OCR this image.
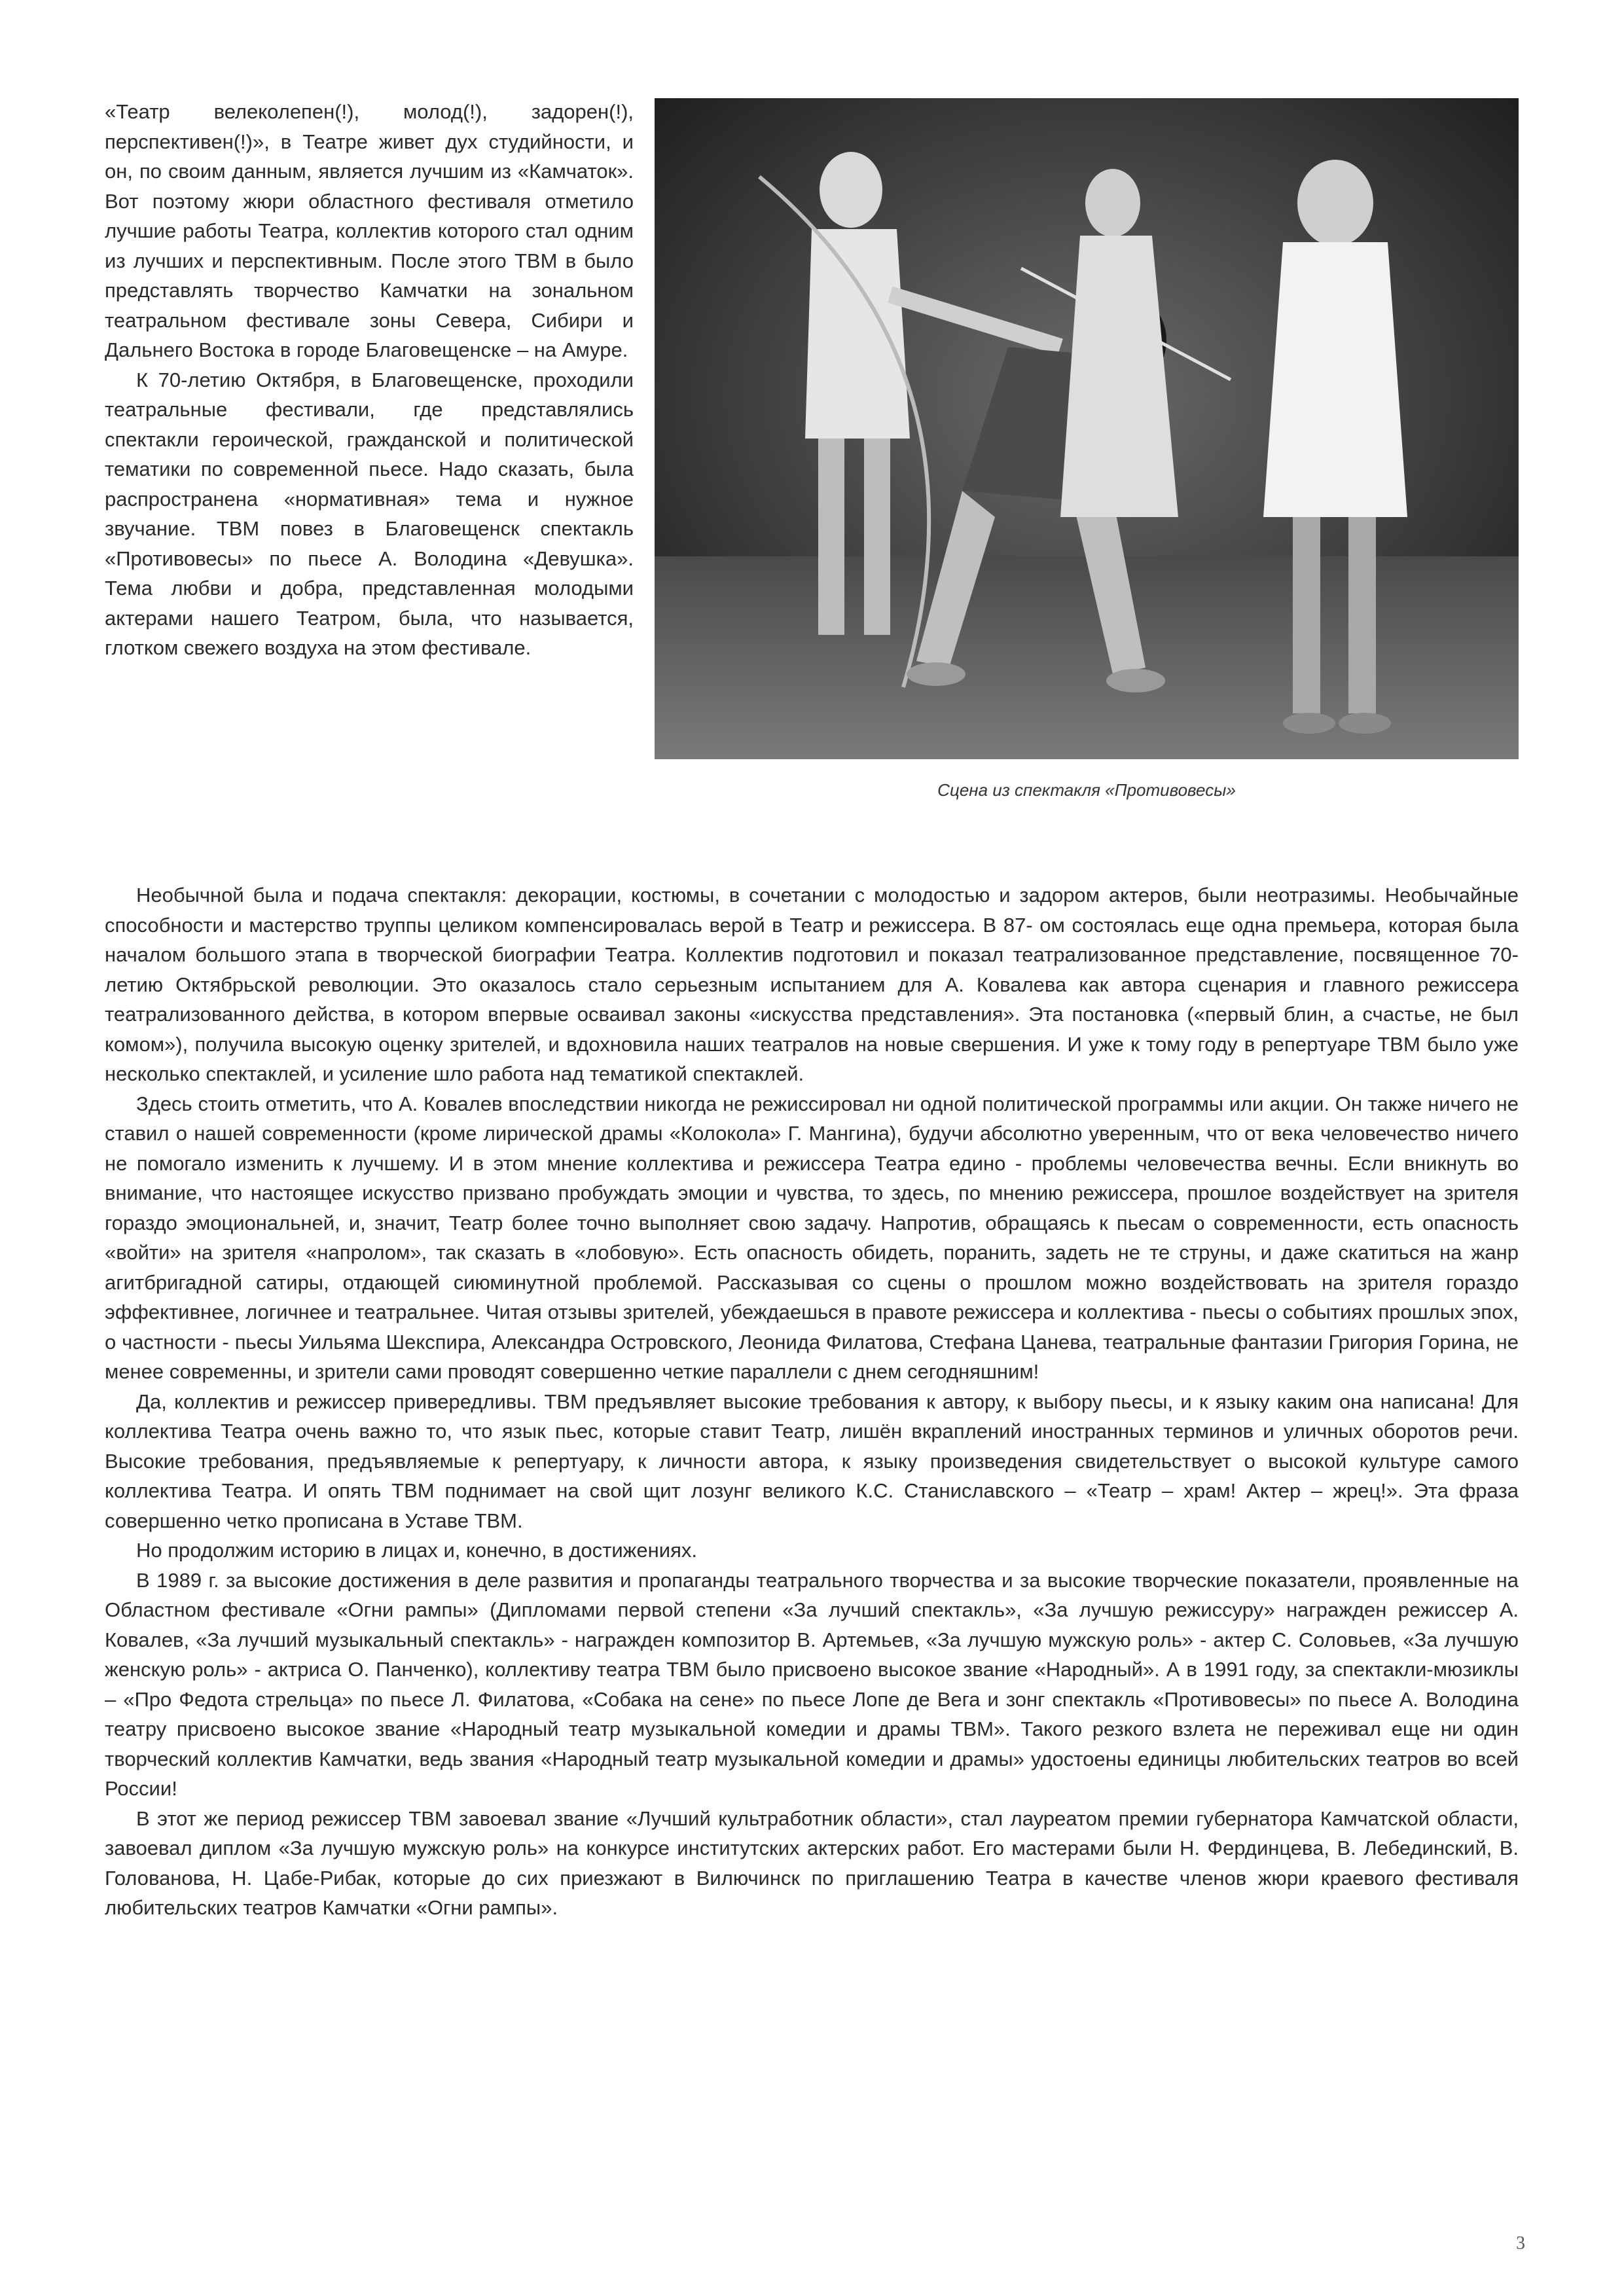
«Театр велеколепен(!), молод(!), задорен(!), перспективен(!)», в Театре живет дух студийности, и он, по своим данным, является лучшим из «Камчаток». Вот поэтому жюри областного фестиваля отметило лучшие работы Театра, коллектив которого стал одним из лучших и перспективным. После этого ТВМ в было представлять творчество Камчатки на зональном театральном фестивале зоны Севера, Сибири и Дальнего Востока в городе Благовещенске – на Амуре.

К 70-летию Октября, в Благовещенске, проходили театральные фестивали, где представлялись спектакли героической, гражданской и политической тематики по современной пьесе. Надо сказать, была распространена «нормативная» тема и нужное звучание. ТВМ повез в Благовещенск спектакль «Противовесы» по пьесе А. Володина «Девушка». Тема любви и добра, представленная молодыми актерами нашего Театром, была, что называется, глотком свежего воздуха на этом фестивале.

Сцена из спектакля «Противовесы»

Необычной была и подача спектакля: декорации, костюмы, в сочетании с молодостью и задором актеров, были неотразимы. Необычайные способности и мастерство труппы целиком компенсировалась верой в Театр и режиссера. В 87- ом состоялась еще одна премьера, которая была началом большого этапа в творческой биографии Театра. Коллектив подготовил и показал театрализованное представление, посвященное 70-летию Октябрьской революции. Это оказалось стало серьезным испытанием для А. Ковалева как автора сценария и главного режиссера театрализованного действа, в котором впервые осваивал законы «искусства представления». Эта постановка («первый блин, а счастье, не был комом»), получила высокую оценку зрителей, и вдохновила наших театралов на новые свершения. И уже к тому году в репертуаре ТВМ было уже несколько спектаклей, и усиление шло работа над тематикой спектаклей.

Здесь стоить отметить, что А. Ковалев впоследствии никогда не режиссировал ни одной политической программы или акции. Он также ничего не ставил о нашей современности (кроме лирической драмы «Колокола» Г. Мангина), будучи абсолютно уверенным, что от века человечество ничего не помогало изменить к лучшему. И в этом мнение коллектива и режиссера Театра едино - проблемы человечества вечны. Если вникнуть во внимание, что настоящее искусство призвано пробуждать эмоции и чувства, то здесь, по мнению режиссера, прошлое воздействует на зрителя гораздо эмоциональней, и, значит, Театр более точно выполняет свою задачу. Напротив, обращаясь к пьесам о современности, есть опасность «войти» на зрителя «напролом», так сказать в «лобовую». Есть опасность обидеть, поранить, задеть не те струны, и даже скатиться на жанр агитбригадной сатиры, отдающей сиюминутной проблемой. Рассказывая со сцены о прошлом можно воздействовать на зрителя гораздо эффективнее, логичнее и театральнее. Читая отзывы зрителей, убеждаешься в правоте режиссера и коллектива - пьесы о событиях прошлых эпох, о частности - пьесы Уильяма Шекспира, Александра Островского, Леонида Филатова, Стефана Цанева, театральные фантазии Григория Горина, не менее современны, и зрители сами проводят совершенно четкие параллели с днем сегодняшним!

Да, коллектив и режиссер привередливы. ТВМ предъявляет высокие требования к автору, к выбору пьесы, и к языку каким она написана! Для коллектива Театра очень важно то, что язык пьес, которые ставит Театр, лишён вкраплений иностранных терминов и уличных оборотов речи. Высокие требования, предъявляемые к репертуару, к личности автора, к языку произведения свидетельствует о высокой культуре самого коллектива Театра. И опять ТВМ поднимает на свой щит лозунг великого К.С. Станиславского – «Театр – храм! Актер – жрец!». Эта фраза совершенно четко прописана в Уставе ТВМ.

Но продолжим историю в лицах и, конечно, в достижениях.

В 1989 г. за высокие достижения в деле развития и пропаганды театрального творчества и за высокие творческие показатели, проявленные на Областном фестивале «Огни рампы» (Дипломами первой степени «За лучший спектакль», «За лучшую режиссуру» награжден режиссер А. Ковалев, «За лучший музыкальный спектакль» - награжден композитор В. Артемьев, «За лучшую мужскую роль» - актер С. Соловьев, «За лучшую женскую роль» - актриса О. Панченко), коллективу театра ТВМ было присвоено высокое звание «Народный». А в 1991 году, за спектакли-мюзиклы – «Про Федота стрельца» по пьесе Л. Филатова, «Собака на сене» по пьесе Лопе де Вега и зонг спектакль «Противовесы» по пьесе А. Володина театру присвоено высокое звание «Народный театр музыкальной комедии и драмы ТВМ». Такого резкого взлета не переживал еще ни один творческий коллектив Камчатки, ведь звания «Народный театр музыкальной комедии и драмы» удостоены единицы любительских театров во всей России!

В этот же период режиссер ТВМ завоевал звание «Лучший культработник области», стал лауреатом премии губернатора Камчатской области, завоевал диплом «За лучшую мужскую роль» на конкурсе институтских актерских работ. Его мастерами были Н. Фердинцева, В. Лебединский, В. Голованова, Н. Цабе-Рибак, которые до сих приезжают в Вилючинск по приглашению Театра в качестве членов жюри краевого фестиваля любительских театров Камчатки «Огни рампы».

3
